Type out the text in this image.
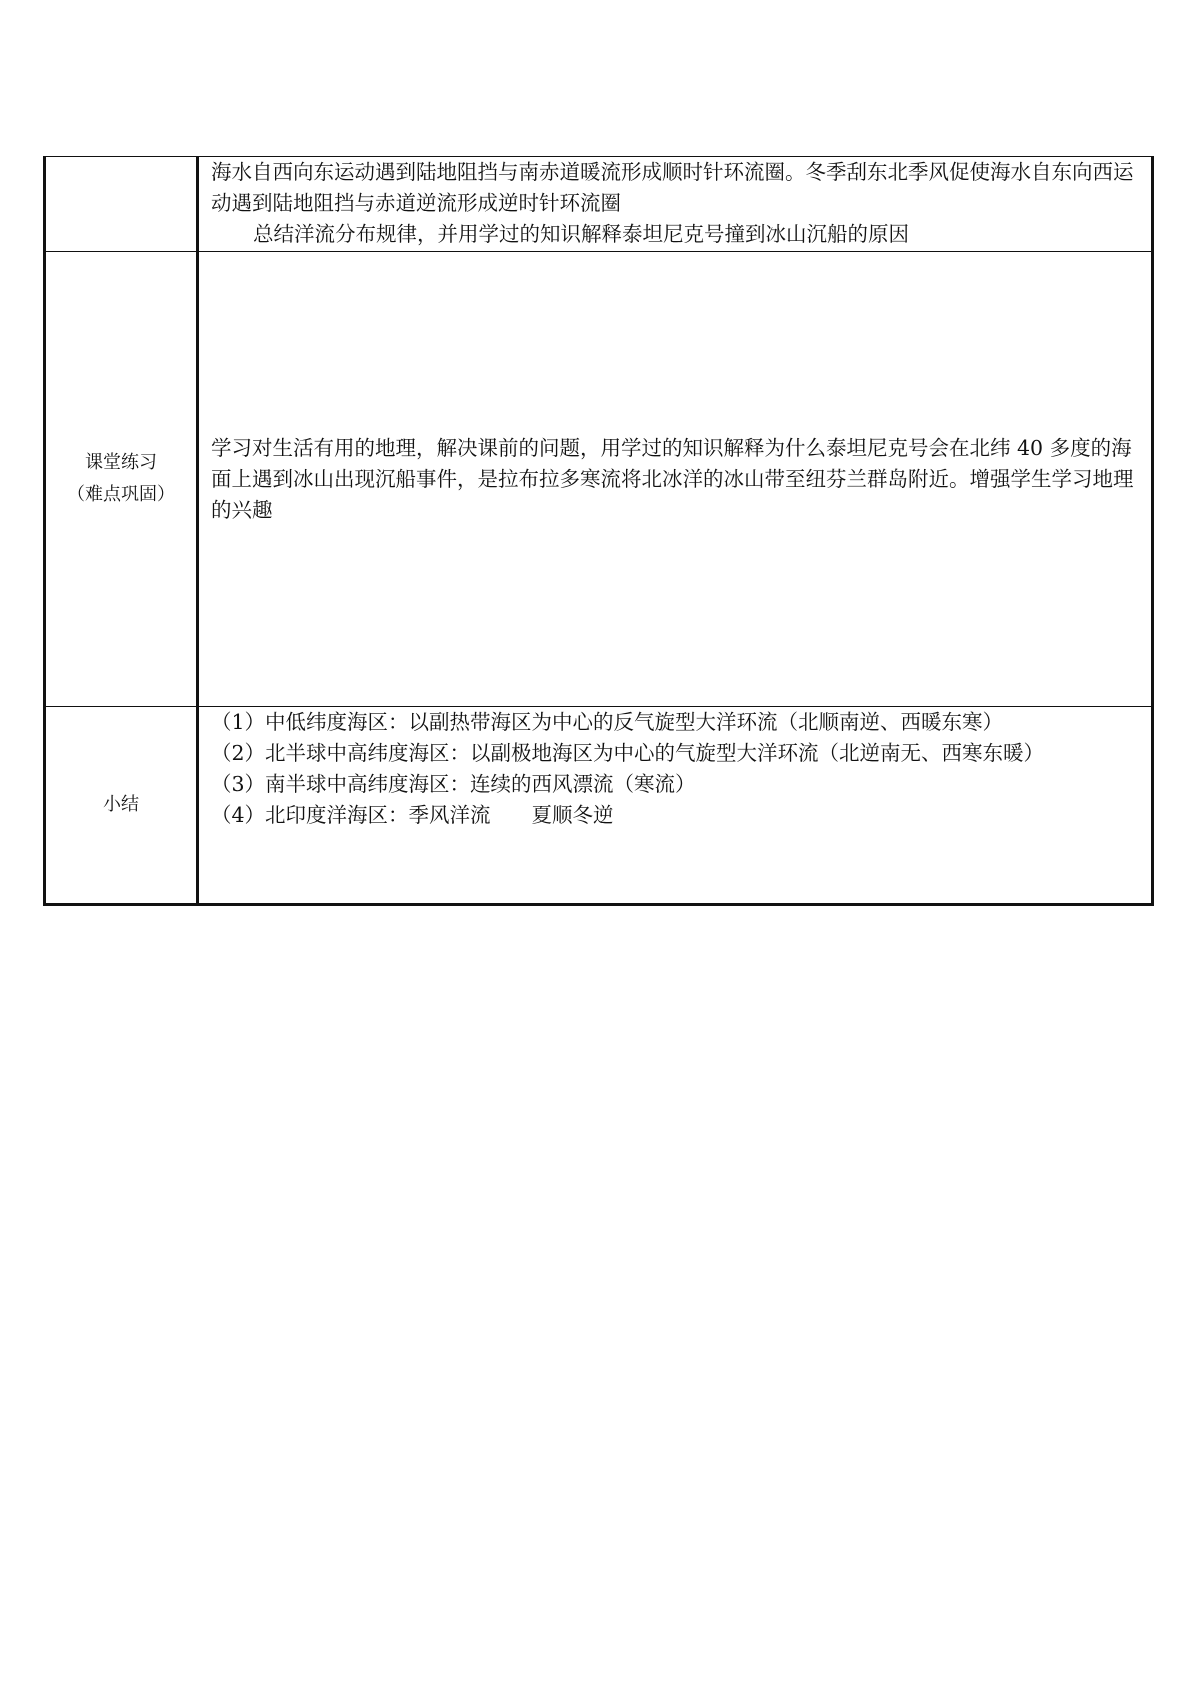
	海水自西向东运动遇到陆地阻挡与南赤道暖流形成顺时针环流圈。冬季刮东北季风促使海水自东向西运动遇到陆地阻挡与赤道逆流形成逆时针环流圈

总结洋流分布规律，并用学过的知识解释泰坦尼克号撞到冰山沉船的原因

课堂练习
（难点巩固）	学习对生活有用的地理，解决课前的问题，用学过的知识解释为什么泰坦尼克号会在北纬 40 多度的海面上遇到冰山出现沉船事件，是拉布拉多寒流将北冰洋的冰山带至纽芬兰群岛附近。增强学生学习地理的兴趣

小结	（1）中低纬度海区：以副热带海区为中心的反气旋型大洋环流（北顺南逆、西暖东寒）

（2）北半球中高纬度海区：以副极地海区为中心的气旋型大洋环流（北逆南无、西寒东暖）

（3）南半球中高纬度海区：连续的西风漂流（寒流）

（4）北印度洋海区：季风洋流　　夏顺冬逆
